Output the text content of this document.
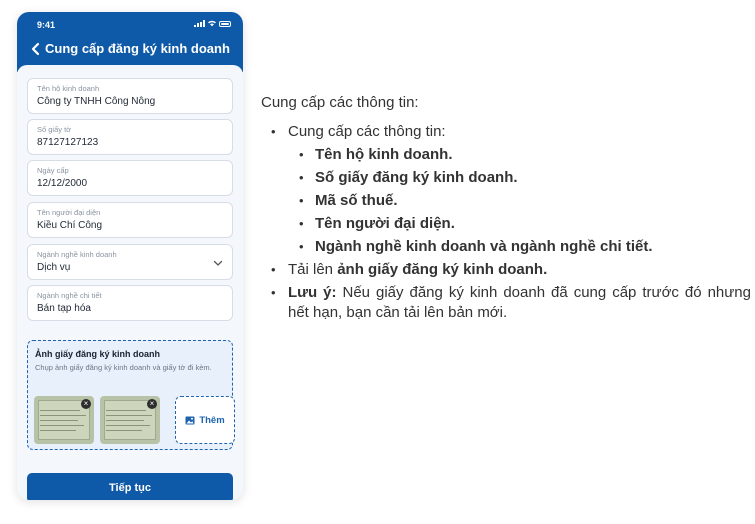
9:41
Cung cấp đăng ký kinh doanh
Tên hộ kinh doanh
Công ty TNHH Công Nông
Số giấy tờ
87127127123
Ngày cấp
12/12/2000
Tên người đại diện
Kiều Chí Công
Ngành nghề kinh doanh
Dịch vụ
Ngành nghề chi tiết
Bán tạp hóa
Ảnh giấy đăng ký kinh doanh
Chụp ảnh giấy đăng ký kinh doanh và giấy tờ đi kèm.
×	×
Thêm
Tiếp tục
Cung cấp các thông tin:
• Cung cấp các thông tin:
• Tên hộ kinh doanh.
• Số giấy đăng ký kinh doanh.
• Mã số thuế.
• Tên người đại diện.
• Ngành nghề kinh doanh và ngành nghề chi tiết.
• Tải lên ảnh giấy đăng ký kinh doanh.
• Lưu ý: Nếu giấy đăng ký kinh doanh đã cung cấp trước đó nhưng hết hạn, bạn cần tải lên bản mới.
